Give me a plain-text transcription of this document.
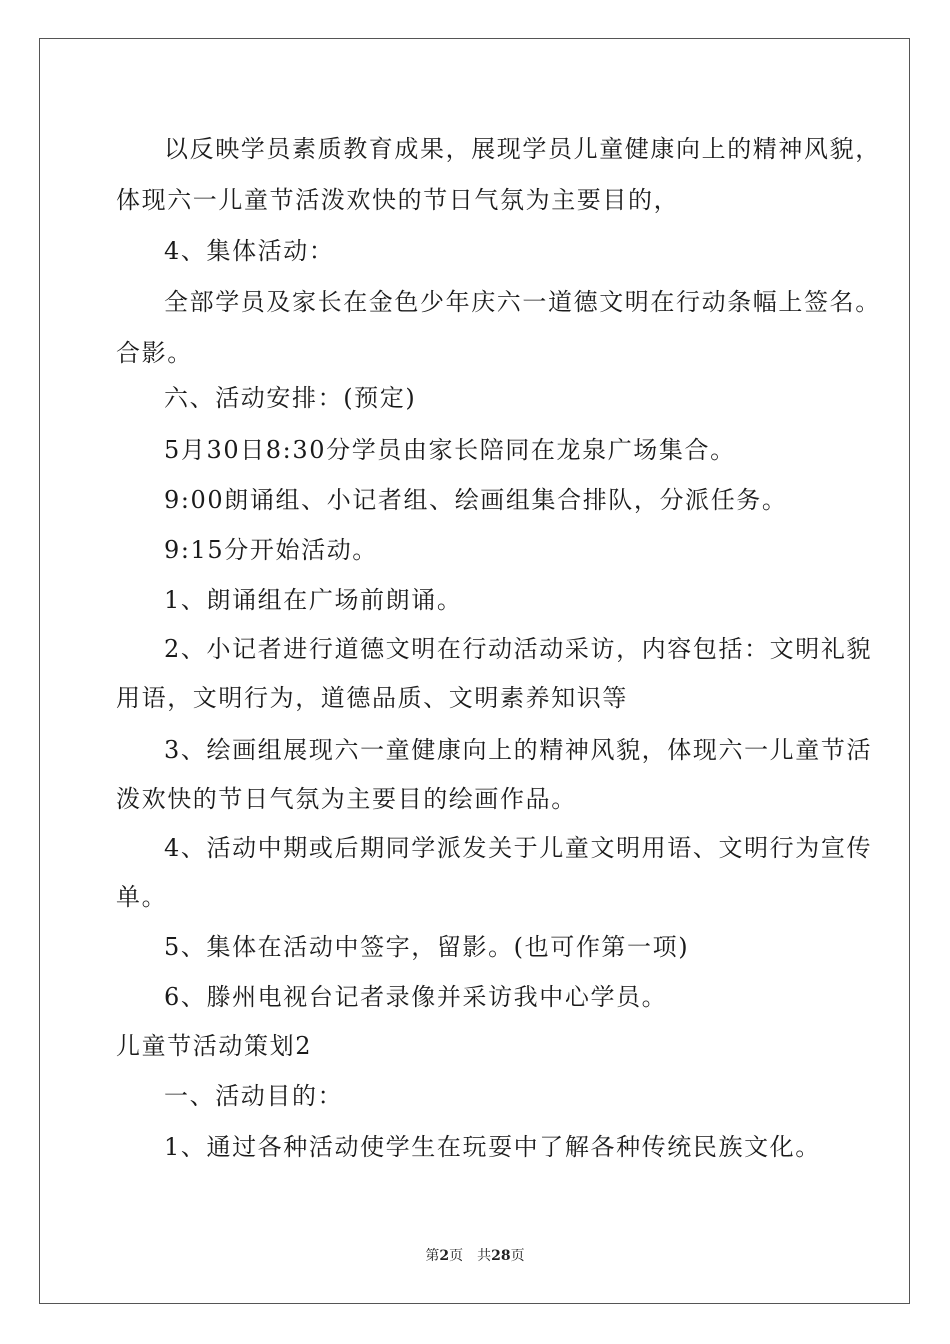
以反映学员素质教育成果，展现学员儿童健康向上的精神风貌，
体现六一儿童节活泼欢快的节日气氛为主要目的，
4、集体活动：
全部学员及家长在金色少年庆六一道德文明在行动条幅上签名。
合影。
六、活动安排：(预定)
5月30日8:30分学员由家长陪同在龙泉广场集合。
9:00朗诵组、小记者组、绘画组集合排队，分派任务。
9:15分开始活动。
1、朗诵组在广场前朗诵。
2、小记者进行道德文明在行动活动采访，内容包括：文明礼貌
用语，文明行为，道德品质、文明素养知识等
3、绘画组展现六一童健康向上的精神风貌，体现六一儿童节活
泼欢快的节日气氛为主要目的绘画作品。
4、活动中期或后期同学派发关于儿童文明用语、文明行为宣传
单。
5、集体在活动中签字，留影。(也可作第一项)
6、滕州电视台记者录像并采访我中心学员。
儿童节活动策划2
一、活动目的：
1、通过各种活动使学生在玩耍中了解各种传统民族文化。
第2页 共28页
